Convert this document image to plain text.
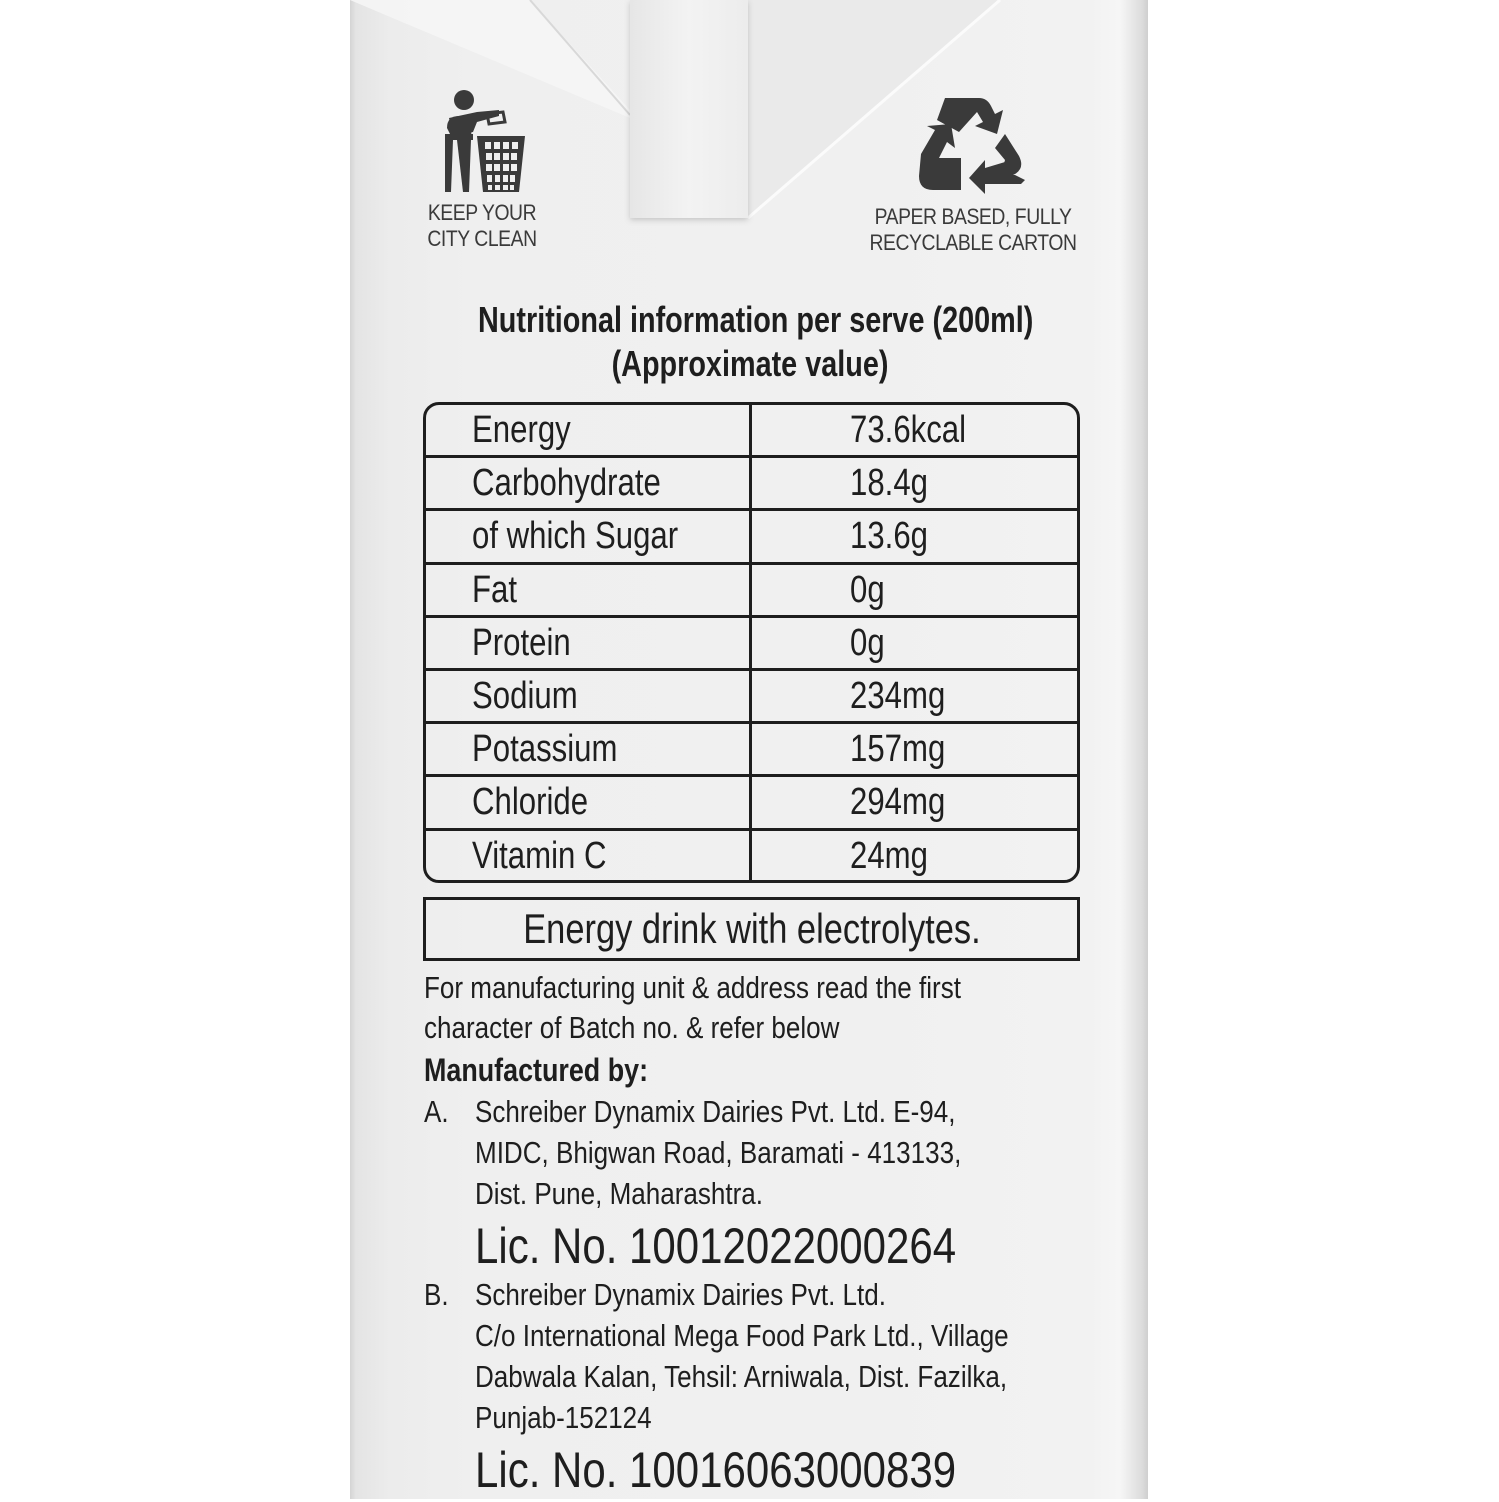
KEEP YOUR
CITY CLEAN
PAPER BASED, FULLY
RECYCLABLE CARTON
Nutritional information per serve (200ml)
(Approximate value)
Energy	73.6kcal
Carbohydrate	18.4g
of which Sugar	13.6g
Fat	0g
Protein	0g
Sodium	234mg
Potassium	157mg
Chloride	294mg
Vitamin C	24mg
Energy drink with electrolytes.
For manufacturing unit & address read the first
character of Batch no. & refer below
Manufactured by:
A. Schreiber Dynamix Dairies Pvt. Ltd. E-94,
MIDC, Bhigwan Road, Baramati - 413133,
Dist. Pune, Maharashtra.
Lic. No. 10012022000264
B. Schreiber Dynamix Dairies Pvt. Ltd.
C/o International Mega Food Park Ltd., Village
Dabwala Kalan, Tehsil: Arniwala, Dist. Fazilka,
Punjab-152124
Lic. No. 10016063000839
